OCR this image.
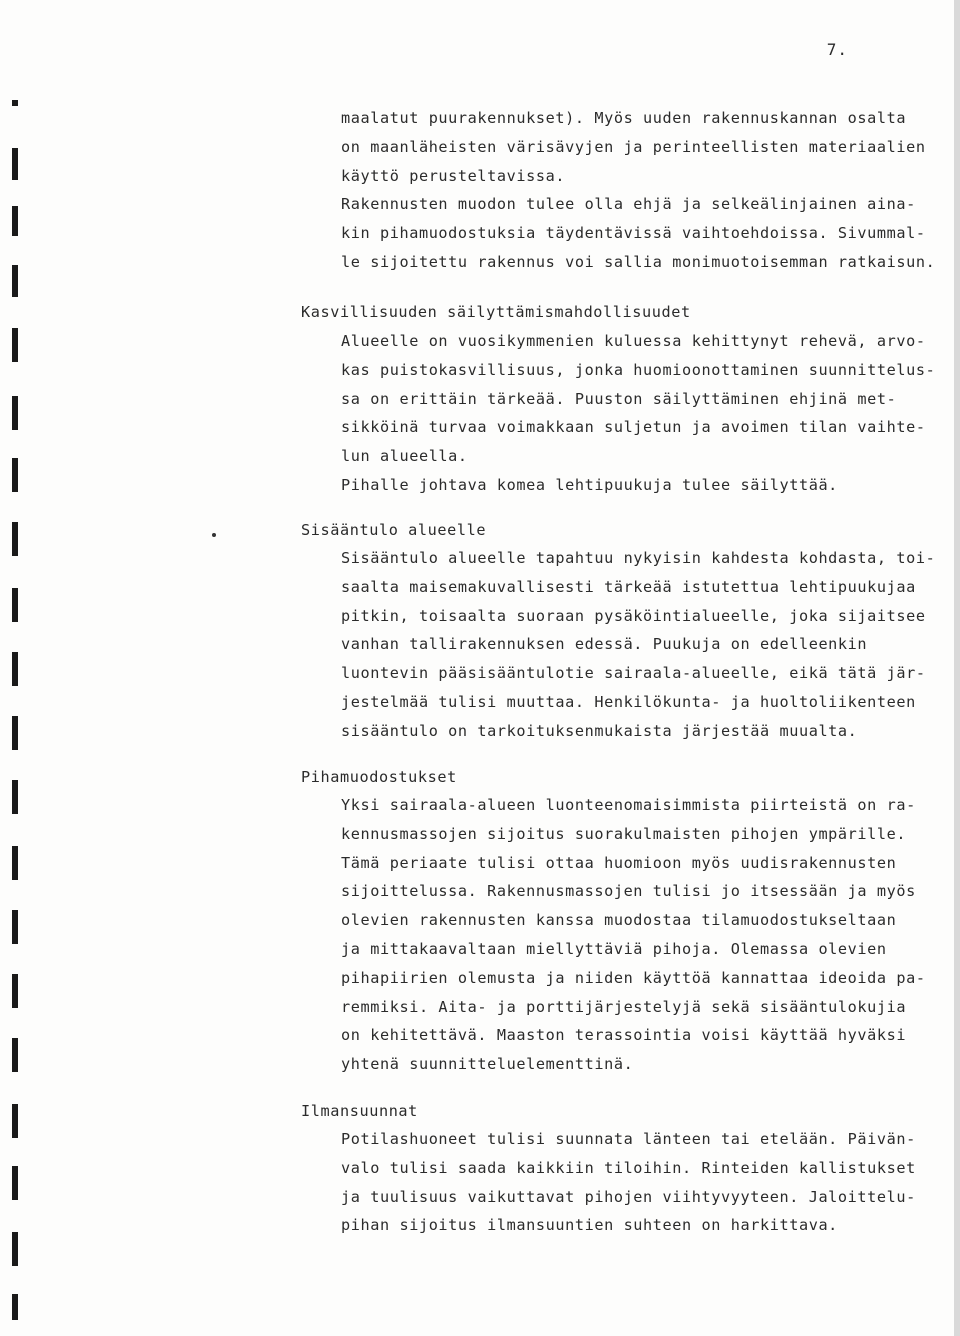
7.
maalatut puurakennukset). Myös uuden rakennuskannan osalta
on maanläheisten värisävyjen ja perinteellisten materiaalien
käyttö perusteltavissa.
Rakennusten muodon tulee olla ehjä ja selkeälinjainen aina-
kin pihamuodostuksia täydentävissä vaihtoehdoissa. Sivummal-
le sijoitettu rakennus voi sallia monimuotoisemman ratkaisun.
Kasvillisuuden säilyttämismahdollisuudet
Alueelle on vuosikymmenien kuluessa kehittynyt rehevä, arvo-
kas puistokasvillisuus, jonka huomioonottaminen suunnittelus-
sa on erittäin tärkeää. Puuston säilyttäminen ehjinä met-
sikköinä turvaa voimakkaan suljetun ja avoimen tilan vaihte-
lun alueella.
Pihalle johtava komea lehtipuukuja tulee säilyttää.
Sisääntulo alueelle
Sisääntulo alueelle tapahtuu nykyisin kahdesta kohdasta, toi-
saalta maisemakuvallisesti tärkeää istutettua lehtipuukujaa
pitkin, toisaalta suoraan pysäköintialueelle, joka sijaitsee
vanhan tallirakennuksen edessä. Puukuja on edelleenkin
luontevin pääsisääntulotie sairaala-alueelle, eikä tätä jär-
jestelmää tulisi muuttaa. Henkilökunta- ja huoltoliikenteen
sisääntulo on tarkoituksenmukaista järjestää muualta.
Pihamuodostukset
Yksi sairaala-alueen luonteenomaisimmista piirteistä on ra-
kennusmassojen sijoitus suorakulmaisten pihojen ympärille.
Tämä periaate tulisi ottaa huomioon myös uudisrakennusten
sijoittelussa. Rakennusmassojen tulisi jo itsessään ja myös
olevien rakennusten kanssa muodostaa tilamuodostukseltaan
ja mittakaavaltaan miellyttäviä pihoja. Olemassa olevien
pihapiirien olemusta ja niiden käyttöä kannattaa ideoida pa-
remmiksi. Aita- ja porttijärjestelyjä sekä sisääntulokujia
on kehitettävä. Maaston terassointia voisi käyttää hyväksi
yhtenä suunnitteluelementtinä.
Ilmansuunnat
Potilashuoneet tulisi suunnata länteen tai etelään. Päivän-
valo tulisi saada kaikkiin tiloihin. Rinteiden kallistukset
ja tuulisuus vaikuttavat pihojen viihtyvyyteen. Jaloittelu-
pihan sijoitus ilmansuuntien suhteen on harkittava.
